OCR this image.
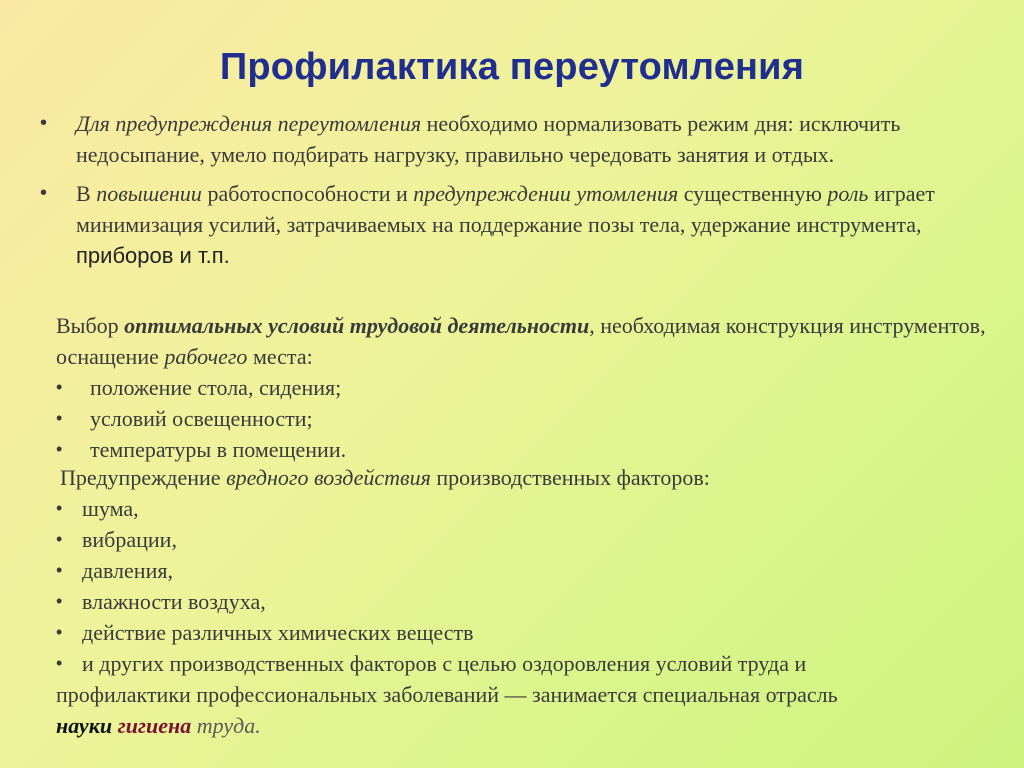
Профилактика переутомления
• Для предупреждения переутомления необходимо нормализовать режим дня: исключить недосыпание, умело подбирать нагрузку, правильно чередовать занятия и отдых.
• В повышении работоспособности и предупреждении утомления существенную роль играет минимизация усилий, затрачиваемых на поддержание позы тела, удержание инструмента, приборов и т.п.
Выбор оптимальных условий трудовой деятельности, необходимая конструкция инструментов, оснащение рабочего места:
• положение стола, сидения;
• условий освещенности;
• температуры в помещении.
Предупреждение вредного воздействия производственных факторов:
• шума,
• вибрации,
• давления,
• влажности воздуха,
• действие различных химических веществ
• и других производственных факторов с целью оздоровления условий труда и
профилактики профессиональных заболеваний — занимается специальная отрасль
науки гигиена труда.
